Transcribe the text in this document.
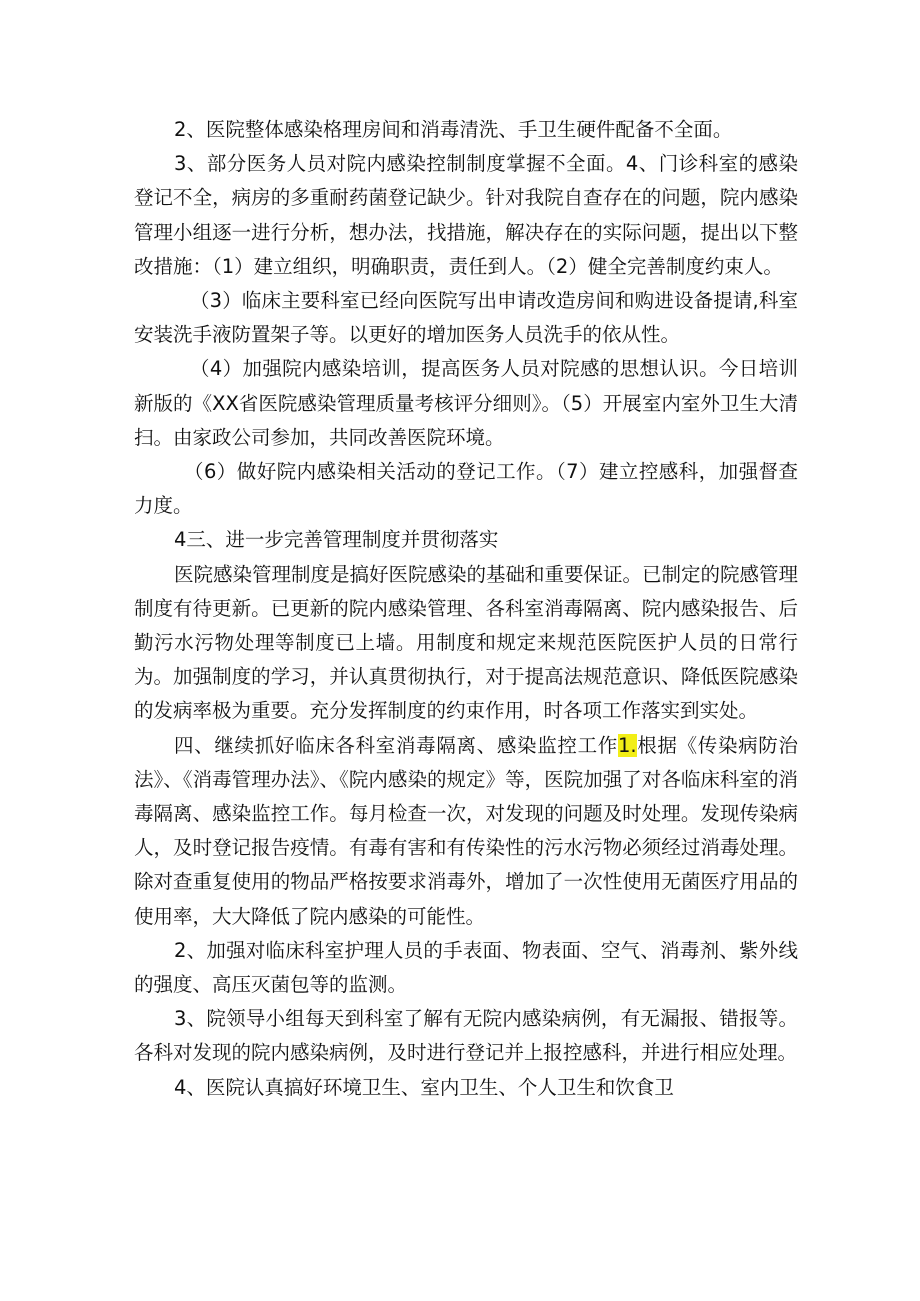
2、医院整体感染格理房间和消毒清洗、手卫生硬件配备不全面。

3、部分医务人员对院内感染控制制度掌握不全面。4、门诊科室的感染登记不全，病房的多重耐药菌登记缺少。针对我院自查存在的问题，院内感染管理小组逐一进行分析，想办法，找措施，解决存在的实际问题，提出以下整改措施：（1）建立组织，明确职责，责任到人。（2）健全完善制度约束人。

（3）临床主要科室已经向医院写出申请改造房间和购进设备提请,科室安装洗手液防置架子等。以更好的增加医务人员洗手的依从性。

（4）加强院内感染培训，提高医务人员对院感的思想认识。今日培训新版的《XX省医院感染管理质量考核评分细则》。（5）开展室内室外卫生大清扫。由家政公司参加，共同改善医院环境。

（6）做好院内感染相关活动的登记工作。（7）建立控感科，加强督查力度。

4三、进一步完善管理制度并贯彻落实

医院感染管理制度是搞好医院感染的基础和重要保证。已制定的院感管理制度有待更新。已更新的院内感染管理、各科室消毒隔离、院内感染报告、后勤污水污物处理等制度已上墙。用制度和规定来规范医院医护人员的日常行为。加强制度的学习，并认真贯彻执行，对于提高法规范意识、降低医院感染的发病率极为重要。充分发挥制度的约束作用，时各项工作落实到实处。

四、继续抓好临床各科室消毒隔离、感染监控工作1.根据《传染病防治法》、《消毒管理办法》、《院内感染的规定》等，医院加强了对各临床科室的消毒隔离、感染监控工作。每月检查一次，对发现的问题及时处理。发现传染病人，及时登记报告疫情。有毒有害和有传染性的污水污物必须经过消毒处理。除对查重复使用的物品严格按要求消毒外，增加了一次性使用无菌医疗用品的使用率，大大降低了院内感染的可能性。

2、加强对临床科室护理人员的手表面、物表面、空气、消毒剂、紫外线的强度、高压灭菌包等的监测。

3、院领导小组每天到科室了解有无院内感染病例，有无漏报、错报等。各科对发现的院内感染病例，及时进行登记并上报控感科，并进行相应处理。

4、医院认真搞好环境卫生、室内卫生、个人卫生和饮食卫
